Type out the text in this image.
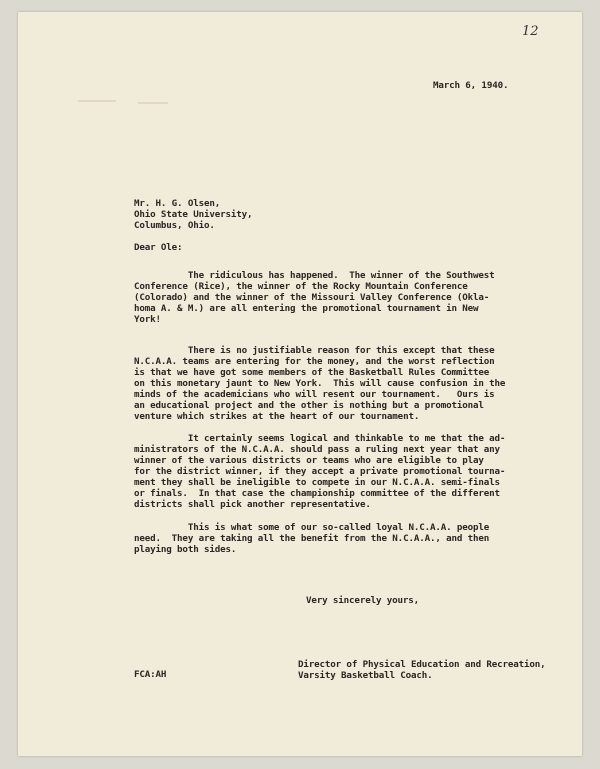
12
March 6, 1940.
Mr. H. G. Olsen,
Ohio State University,
Columbus, Ohio.
Dear Ole:
The ridiculous has happened.  The winner of the Southwest
Conference (Rice), the winner of the Rocky Mountain Conference
(Colorado) and the winner of the Missouri Valley Conference (Okla-
homa A. & M.) are all entering the promotional tournament in New
York!
There is no justifiable reason for this except that these
N.C.A.A. teams are entering for the money, and the worst reflection
is that we have got some members of the Basketball Rules Committee
on this monetary jaunt to New York.  This will cause confusion in the
minds of the academicians who will resent our tournament.   Ours is
an educational project and the other is nothing but a promotional
venture which strikes at the heart of our tournament.
It certainly seems logical and thinkable to me that the ad-
ministrators of the N.C.A.A. should pass a ruling next year that any
winner of the various districts or teams who are eligible to play
for the district winner, if they accept a private promotional tourna-
ment they shall be ineligible to compete in our N.C.A.A. semi-finals
or finals.  In that case the championship committee of the different
districts shall pick another representative.
This is what some of our so-called loyal N.C.A.A. people
need.  They are taking all the benefit from the N.C.A.A., and then
playing both sides.
Very sincerely yours,
FCA:AH
Director of Physical Education and Recreation,
Varsity Basketball Coach.
